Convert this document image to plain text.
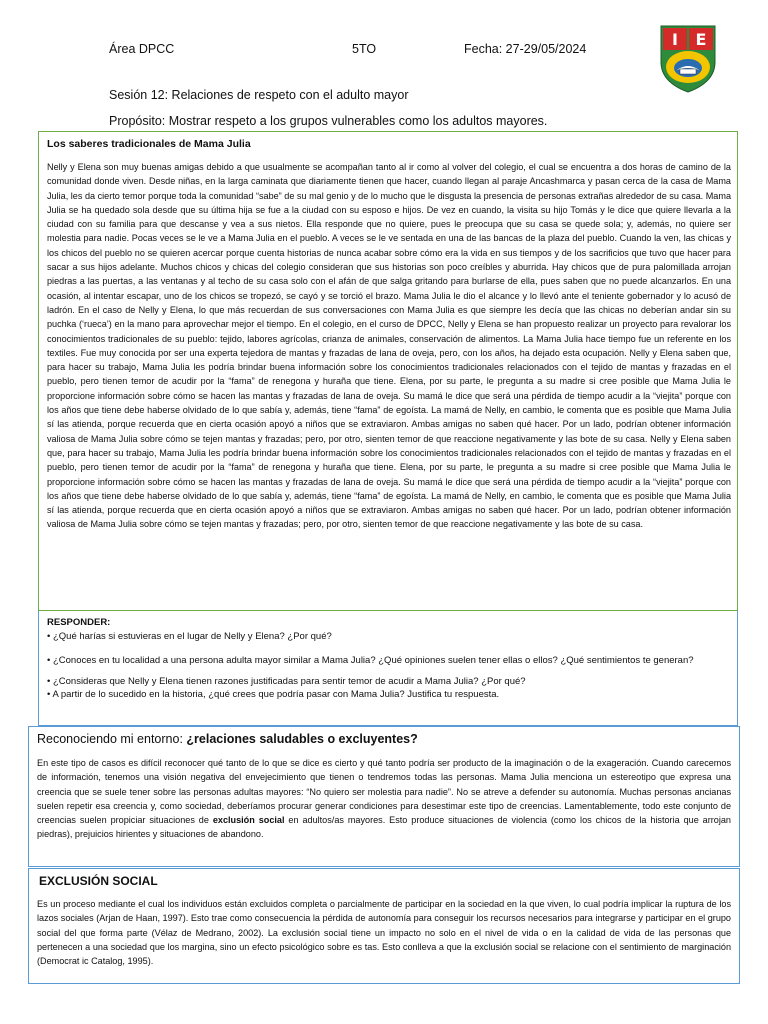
Área DPCC	5TO	Fecha: 27-29/05/2024	I E
Sesión 12: Relaciones de respeto con el adulto mayor
Propósito: Mostrar respeto a los grupos vulnerables como los adultos mayores.
Los saberes tradicionales de Mama Julia

Nelly y Elena son muy buenas amigas debido a que usualmente se acompañan tanto al ir como al volver del colegio, el cual se encuentra a dos horas de camino de la comunidad donde viven. Desde niñas, en la larga caminata que diariamente tienen que hacer, cuando llegan al paraje Ancashmarca y pasan cerca de la casa de Mama Julia, les da cierto temor porque toda la comunidad “sabe” de su mal genio y de lo mucho que le disgusta la presencia de personas extrañas alrededor de su casa. Mama Julia se ha quedado sola desde que su última hija se fue a la ciudad con su esposo e hijos. De vez en cuando, la visita su hijo Tomás y le dice que quiere llevarla a la ciudad con su familia para que descanse y vea a sus nietos. Ella responde que no quiere, pues le preocupa que su casa se quede sola; y, además, no quiere ser molestia para nadie. Pocas veces se le ve a Mama Julia en el pueblo. A veces se le ve sentada en una de las bancas de la plaza del pueblo. Cuando la ven, las chicas y los chicos del pueblo no se quieren acercar porque cuenta historias de nunca acabar sobre cómo era la vida en sus tiempos y de los sacrificios que tuvo que hacer para sacar a sus hijos adelante. Muchos chicos y chicas del colegio consideran que sus historias son poco creíbles y aburrida. Hay chicos que de pura palomillada arrojan piedras a las puertas, a las ventanas y al techo de su casa solo con el afán de que salga gritando para burlarse de ella, pues saben que no puede alcanzarlos. En una ocasión, al intentar escapar, uno de los chicos se tropezó, se cayó y se torció el brazo. Mama Julia le dio el alcance y lo llevó ante el teniente gobernador y lo acusó de ladrón. En el caso de Nelly y Elena, lo que más recuerdan de sus conversaciones con Mama Julia es que siempre les decía que las chicas no deberían andar sin su puchka (‘rueca’) en la mano para aprovechar mejor el tiempo. En el colegio, en el curso de DPCC, Nelly y Elena se han propuesto realizar un proyecto para revalorar los conocimientos tradicionales de su pueblo: tejido, labores agrícolas, crianza de animales, conservación de alimentos. La Mama Julia hace tiempo fue un referente en los textiles. Fue muy conocida por ser una experta tejedora de mantas y frazadas de lana de oveja, pero, con los años, ha dejado esta ocupación. Nelly y Elena saben que, para hacer su trabajo, Mama Julia les podría brindar buena información sobre los conocimientos tradicionales relacionados con el tejido de mantas y frazadas en el pueblo, pero tienen temor de acudir por la “fama” de renegona y huraña que tiene. Elena, por su parte, le pregunta a su madre si cree posible que Mama Julia le proporcione información sobre cómo se hacen las mantas y frazadas de lana de oveja. Su mamá le dice que será una pérdida de tiempo acudir a la “viejita” porque con los años que tiene debe haberse olvidado de lo que sabía y, además, tiene “fama” de egoísta. La mamá de Nelly, en cambio, le comenta que es posible que Mama Julia sí las atienda, porque recuerda que en cierta ocasión apoyó a niños que se extraviaron. Ambas amigas no saben qué hacer. Por un lado, podrían obtener información valiosa de Mama Julia sobre cómo se tejen mantas y frazadas; pero, por otro, sienten temor de que reaccione negativamente y las bote de su casa. Nelly y Elena saben que, para hacer su trabajo, Mama Julia les podría brindar buena información sobre los conocimientos tradicionales relacionados con el tejido de mantas y frazadas en el pueblo, pero tienen temor de acudir por la “fama” de renegona y huraña que tiene. Elena, por su parte, le pregunta a su madre si cree posible que Mama Julia le proporcione información sobre cómo se hacen las mantas y frazadas de lana de oveja. Su mamá le dice que será una pérdida de tiempo acudir a la “viejita” porque con los años que tiene debe haberse olvidado de lo que sabía y, además, tiene “fama” de egoísta. La mamá de Nelly, en cambio, le comenta que es posible que Mama Julia sí las atienda, porque recuerda que en cierta ocasión apoyó a niños que se extraviaron. Ambas amigas no saben qué hacer. Por un lado, podrían obtener información valiosa de Mama Julia sobre cómo se tejen mantas y frazadas; pero, por otro, sienten temor de que reaccione negativamente y las bote de su casa.

RESPONDER:

• ¿Qué harías si estuvieras en el lugar de Nelly y Elena? ¿Por qué?

• ¿Conoces en tu localidad a una persona adulta mayor similar a Mama Julia? ¿Qué opiniones suelen tener ellas o ellos? ¿Qué sentimientos te generan?

• ¿Consideras que Nelly y Elena tienen razones justificadas para sentir temor de acudir a Mama Julia? ¿Por qué?

• A partir de lo sucedido en la historia, ¿qué crees que podría pasar con Mama Julia? Justifica tu respuesta.

Reconociendo mi entorno: ¿relaciones saludables o excluyentes?

En este tipo de casos es difícil reconocer qué tanto de lo que se dice es cierto y qué tanto podría ser producto de la imaginación o de la exageración. Cuando carecemos de información, tenemos una visión negativa del envejecimiento que tienen o tendremos todas las personas. Mama Julia menciona un estereotipo que expresa una creencia que se suele tener sobre las personas adultas mayores: “No quiero ser molestia para nadie”. No se atreve a defender su autonomía. Muchas personas ancianas suelen repetir esa creencia y, como sociedad, deberíamos procurar generar condiciones para desestimar este tipo de creencias. Lamentablemente, todo este conjunto de creencias suelen propiciar situaciones de exclusión social en adultos/as mayores. Esto produce situaciones de violencia (como los chicos de la historia que arrojan piedras), prejuicios hirientes y situaciones de abandono.

EXCLUSIÓN SOCIAL

Es un proceso mediante el cual los individuos están excluidos completa o parcialmente de participar en la sociedad en la que viven, lo cual podría implicar la ruptura de los lazos sociales (Arjan de Haan, 1997). Esto trae como consecuencia la pérdida de autonomía para conseguir los recursos necesarios para integrarse y participar en el grupo social del que forma parte (Vélaz de Medrano, 2002). La exclusión social tiene un impacto no solo en el nivel de vida o en la calidad de vida de las personas que pertenecen a una sociedad que los margina, sino un efecto psicológico sobre es tas. Esto conlleva a que la exclusión social se relacione con el sentimiento de marginación (Democrat ic Catalog, 1995).
